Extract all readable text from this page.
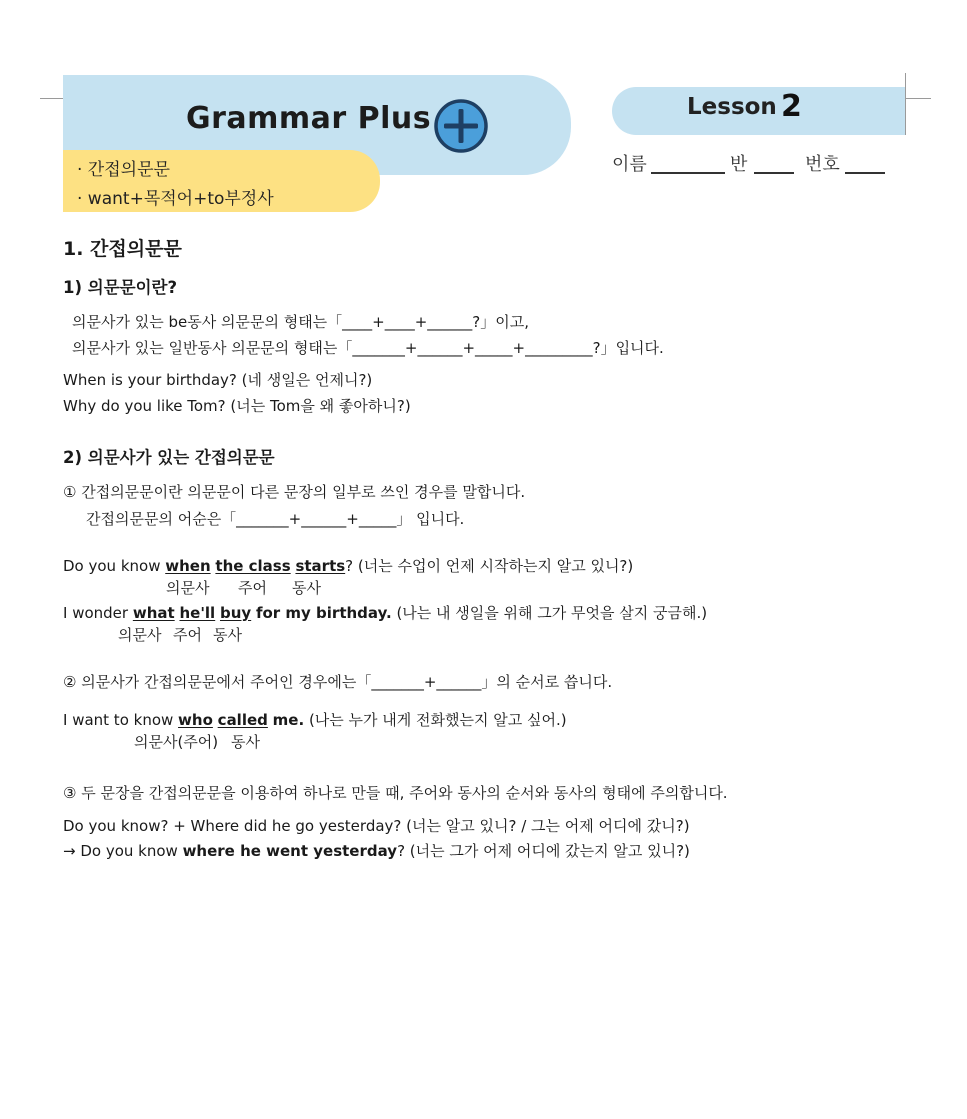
Grammar Plus
· 간접의문문
· want+목적어+to부정사
Lesson 2
이름	반	번호
1. 간접의문문
1) 의문문이란?
의문사가 있는 be동사 의문문의 형태는「____+____+______?」이고,
의문사가 있는 일반동사 의문문의 형태는「_______+______+_____+_________?」입니다.
When is your birthday? (네 생일은 언제니?)
Why do you like Tom? (너는 Tom을 왜 좋아하니?)
2) 의문사가 있는 간접의문문
① 간접의문문이란 의문문이 다른 문장의 일부로 쓰인 경우를 말합니다.
간접의문문의 어순은「_______+______+_____」 입니다.
Do you know when the class starts? (너는 수업이 언제 시작하는지 알고 있니?)
의문사 주어 동사
I wonder what he'll buy for my birthday. (나는 내 생일을 위해 그가 무엇을 살지 궁금해.)
의문사 주어 동사
② 의문사가 간접의문문에서 주어인 경우에는「_______+______」의 순서로 씁니다.
I want to know who called me. (나는 누가 내게 전화했는지 알고 싶어.)
의문사(주어) 동사
③ 두 문장을 간접의문문을 이용하여 하나로 만들 때, 주어와 동사의 순서와 동사의 형태에 주의합니다.
Do you know? + Where did he go yesterday? (너는 알고 있니? / 그는 어제 어디에 갔니?)
→ Do you know where he went yesterday? (너는 그가 어제 어디에 갔는지 알고 있니?)
